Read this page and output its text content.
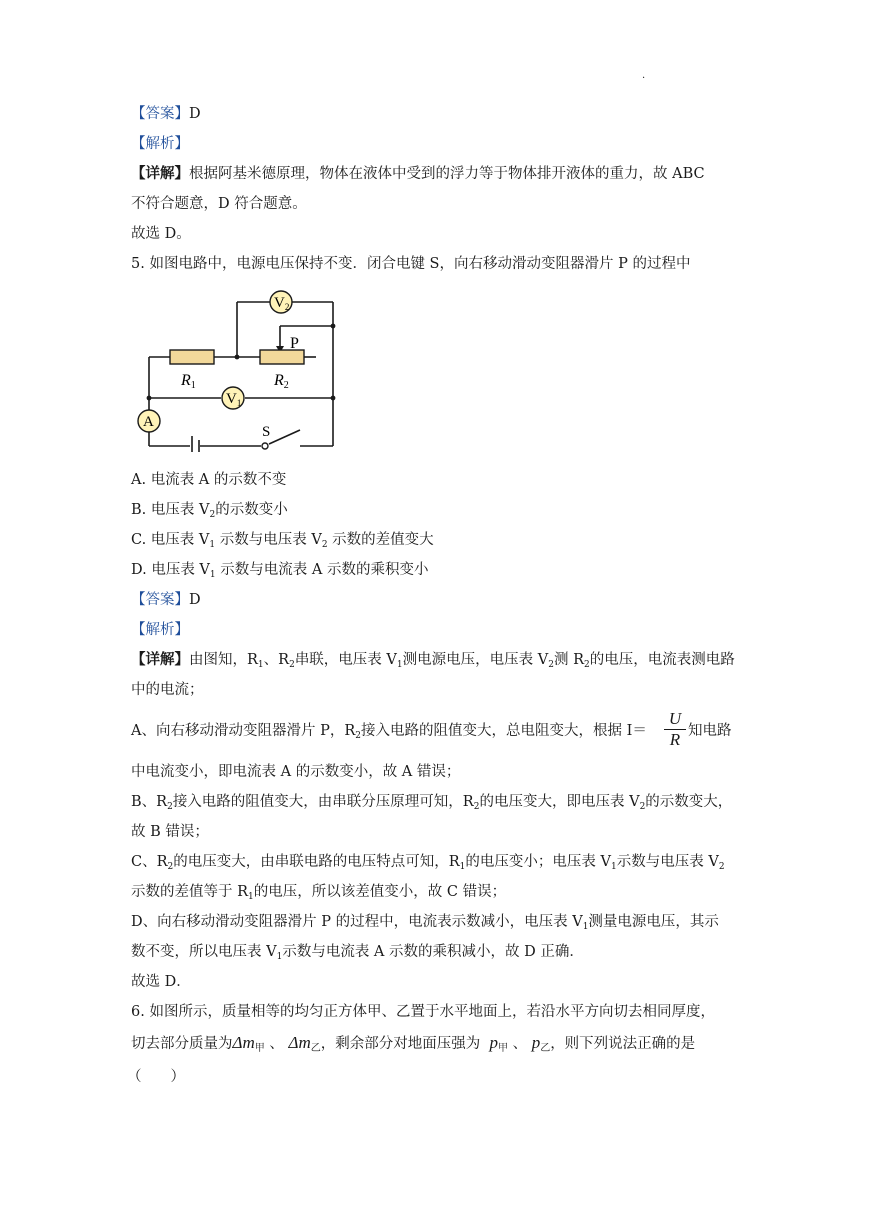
.
【答案】D
【解析】
【详解】根据阿基米德原理，物体在液体中受到的浮力等于物体排开液体的重力，故 ABC
不符合题意，D 符合题意。
故选 D。
5. 如图电路中，电源电压保持不变．闭合电键 S，向右移动滑动变阻器滑片 P 的过程中
$V_2$
$V_1$
A
P
R1	R2
S
A. 电流表 A 的示数不变
B. 电压表 $V_2$的示数变小
C. 电压表 $V_1$ 示数与电压表 $V_2$ 示数的差值变大
D. 电压表 $V_1$ 示数与电流表 A 示数的乘积变小
【答案】D
【解析】
【详解】由图知，$R_1$、$R_2$串联，电压表 $V_1$测电源电压，电压表 $V_2$测 $R_2$的电压，电流表测电路
中的电流；
A、向右移动滑动变阻器滑片 P，$R_2$接入电路的阻值变大，总电阻变大，根据 I＝
U
R 知电路
中电流变小，即电流表 A 的示数变小，故 A 错误；
B、$R_2$接入电路的阻值变大，由串联分压原理可知，$R_2$的电压变大，即电压表 $V_2$的示数变大，
故 B 错误；
C、$R_2$的电压变大，由串联电路的电压特点可知，$R_1$的电压变小；电压表 $V_1$示数与电压表 $V_2$
示数的差值等于 $R_1$的电压，所以该差值变小，故 C 错误；
D、向右移动滑动变阻器滑片 P 的过程中，电流表示数减小，电压表 $V_1$测量电源电压，其示
数不变，所以电压表 $V_1$示数与电流表 A 示数的乘积减小，故 D 正确．
故选 D．
6. 如图所示，质量相等的均匀正方体甲、乙置于水平地面上，若沿水平方向切去相同厚度，
切去部分质量为$\Delta m_甲$ 、 $\Delta m_乙$，剩余部分对地面压强为 $p_甲$ 、 $p_乙$，则下列说法正确的是
（　　）
